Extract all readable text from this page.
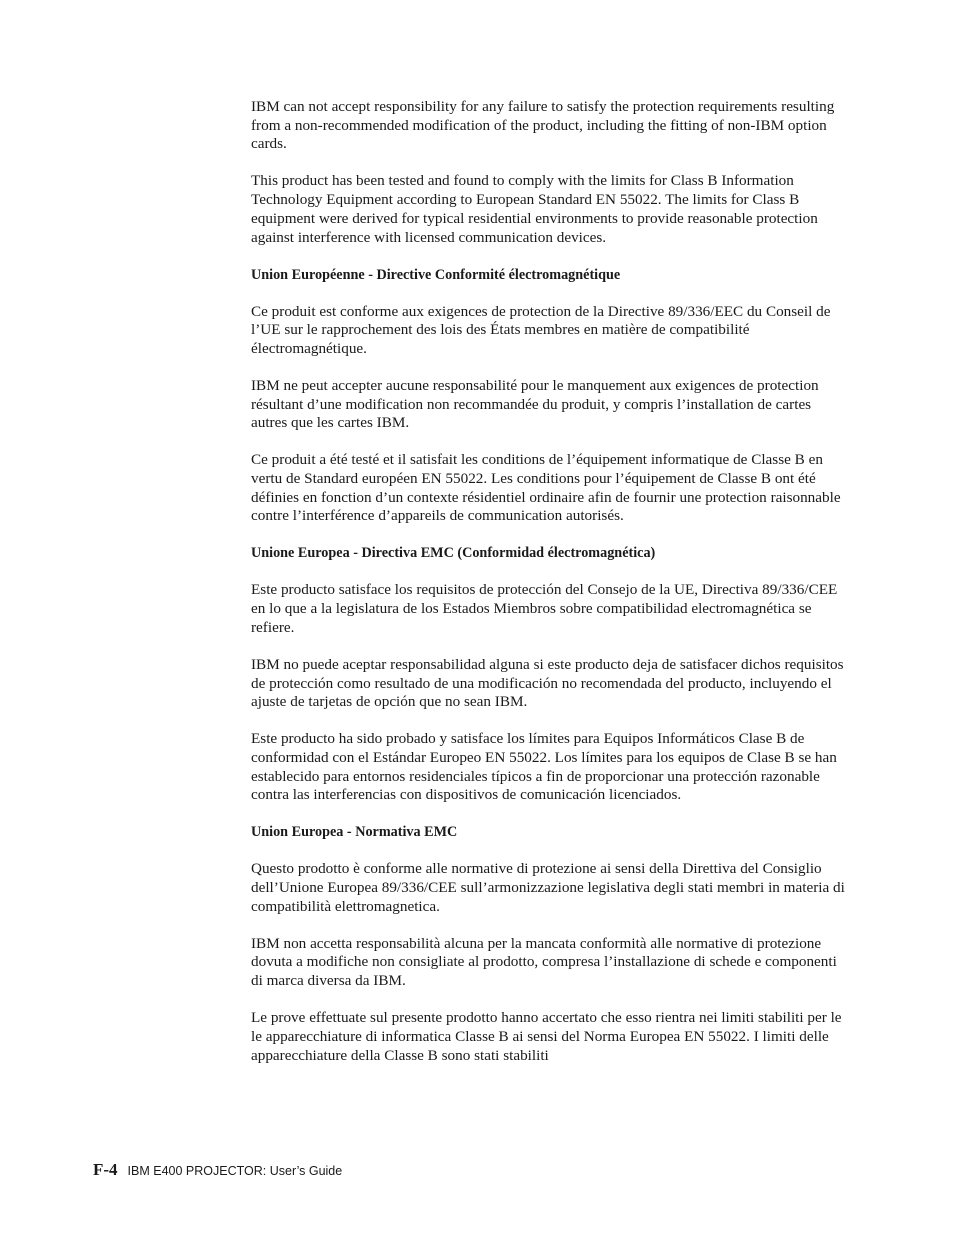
IBM can not accept responsibility for any failure to satisfy the protection requirements resulting from a non-recommended modification of the product, including the fitting of non-IBM option cards.

This product has been tested and found to comply with the limits for Class B Information Technology Equipment according to European Standard EN 55022. The limits for Class B equipment were derived for typical residential environments to provide reasonable protection against interference with licensed communication devices.

Union Européenne - Directive Conformité électromagnétique

Ce produit est conforme aux exigences de protection de la Directive 89/336/EEC du Conseil de l’UE sur le rapprochement des lois des États membres en matière de compatibilité électromagnétique.

IBM ne peut accepter aucune responsabilité pour le manquement aux exigences de protection résultant d’une modification non recommandée du produit, y compris l’installation de cartes autres que les cartes IBM.

Ce produit a été testé et il satisfait les conditions de l’équipement informatique de Classe B en vertu de Standard européen EN 55022. Les conditions pour l’équipement de Classe B ont été définies en fonction d’un contexte résidentiel ordinaire afin de fournir une protection raisonnable contre l’interférence d’appareils de communication autorisés.

Unione Europea - Directiva EMC (Conformidad électromagnética)

Este producto satisface los requisitos de protección del Consejo de la UE, Directiva 89/336/CEE en lo que a la legislatura de los Estados Miembros sobre compatibilidad electromagnética se refiere.

IBM no puede aceptar responsabilidad alguna si este producto deja de satisfacer dichos requisitos de protección como resultado de una modificación no recomendada del producto, incluyendo el ajuste de tarjetas de opción que no sean IBM.

Este producto ha sido probado y satisface los límites para Equipos Informáticos Clase B de conformidad con el Estándar Europeo EN 55022. Los límites para los equipos de Clase B se han establecido para entornos residenciales típicos a fin de proporcionar una protección razonable contra las interferencias con dispositivos de comunicación licenciados.

Union Europea - Normativa EMC

Questo prodotto è conforme alle normative di protezione ai sensi della Direttiva del Consiglio dell’Unione Europea 89/336/CEE sull’armonizzazione legislativa degli stati membri in materia di compatibilità elettromagnetica.

IBM non accetta responsabilità alcuna per la mancata conformità alle normative di protezione dovuta a modifiche non consigliate al prodotto, compresa l’installazione di schede e componenti di marca diversa da IBM.

Le prove effettuate sul presente prodotto hanno accertato che esso rientra nei limiti stabiliti per le le apparecchiature di informatica Classe B ai sensi del Norma Europea EN 55022. I limiti delle apparecchiature della Classe B sono stati stabiliti

F-4 IBM E400 PROJECTOR: User’s Guide
